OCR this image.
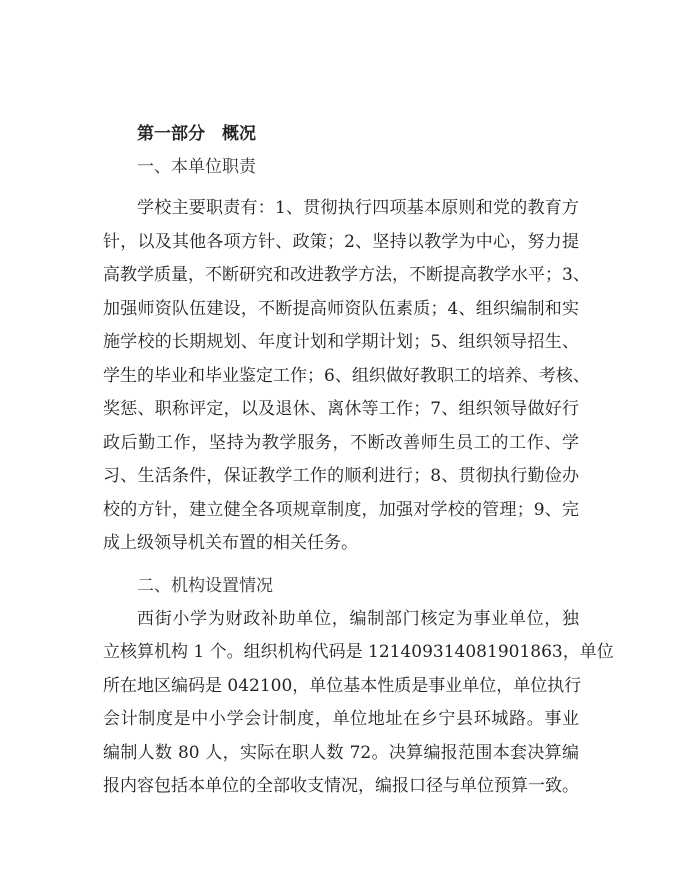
第一部分　概况
一、本单位职责
学校主要职责有：1、贯彻执行四项基本原则和党的教育方
针，以及其他各项方针、政策；2、坚持以教学为中心，努力提
高教学质量，不断研究和改进教学方法，不断提高教学水平；3、
加强师资队伍建设，不断提高师资队伍素质；4、组织编制和实
施学校的长期规划、年度计划和学期计划；5、组织领导招生、
学生的毕业和毕业鉴定工作；6、组织做好教职工的培养、考核、
奖惩、职称评定，以及退休、离休等工作；7、组织领导做好行
政后勤工作，坚持为教学服务，不断改善师生员工的工作、学
习、生活条件，保证教学工作的顺利进行；8、贯彻执行勤俭办
校的方针，建立健全各项规章制度，加强对学校的管理；9、完
成上级领导机关布置的相关任务。
二、机构设置情况
西街小学为财政补助单位，编制部门核定为事业单位，独
立核算机构 1 个。组织机构代码是 121409314081901863，单位
所在地区编码是 042100，单位基本性质是事业单位，单位执行
会计制度是中小学会计制度，单位地址在乡宁县环城路。事业
编制人数 80 人，实际在职人数 72。决算编报范围本套决算编
报内容包括本单位的全部收支情况，编报口径与单位预算一致。
